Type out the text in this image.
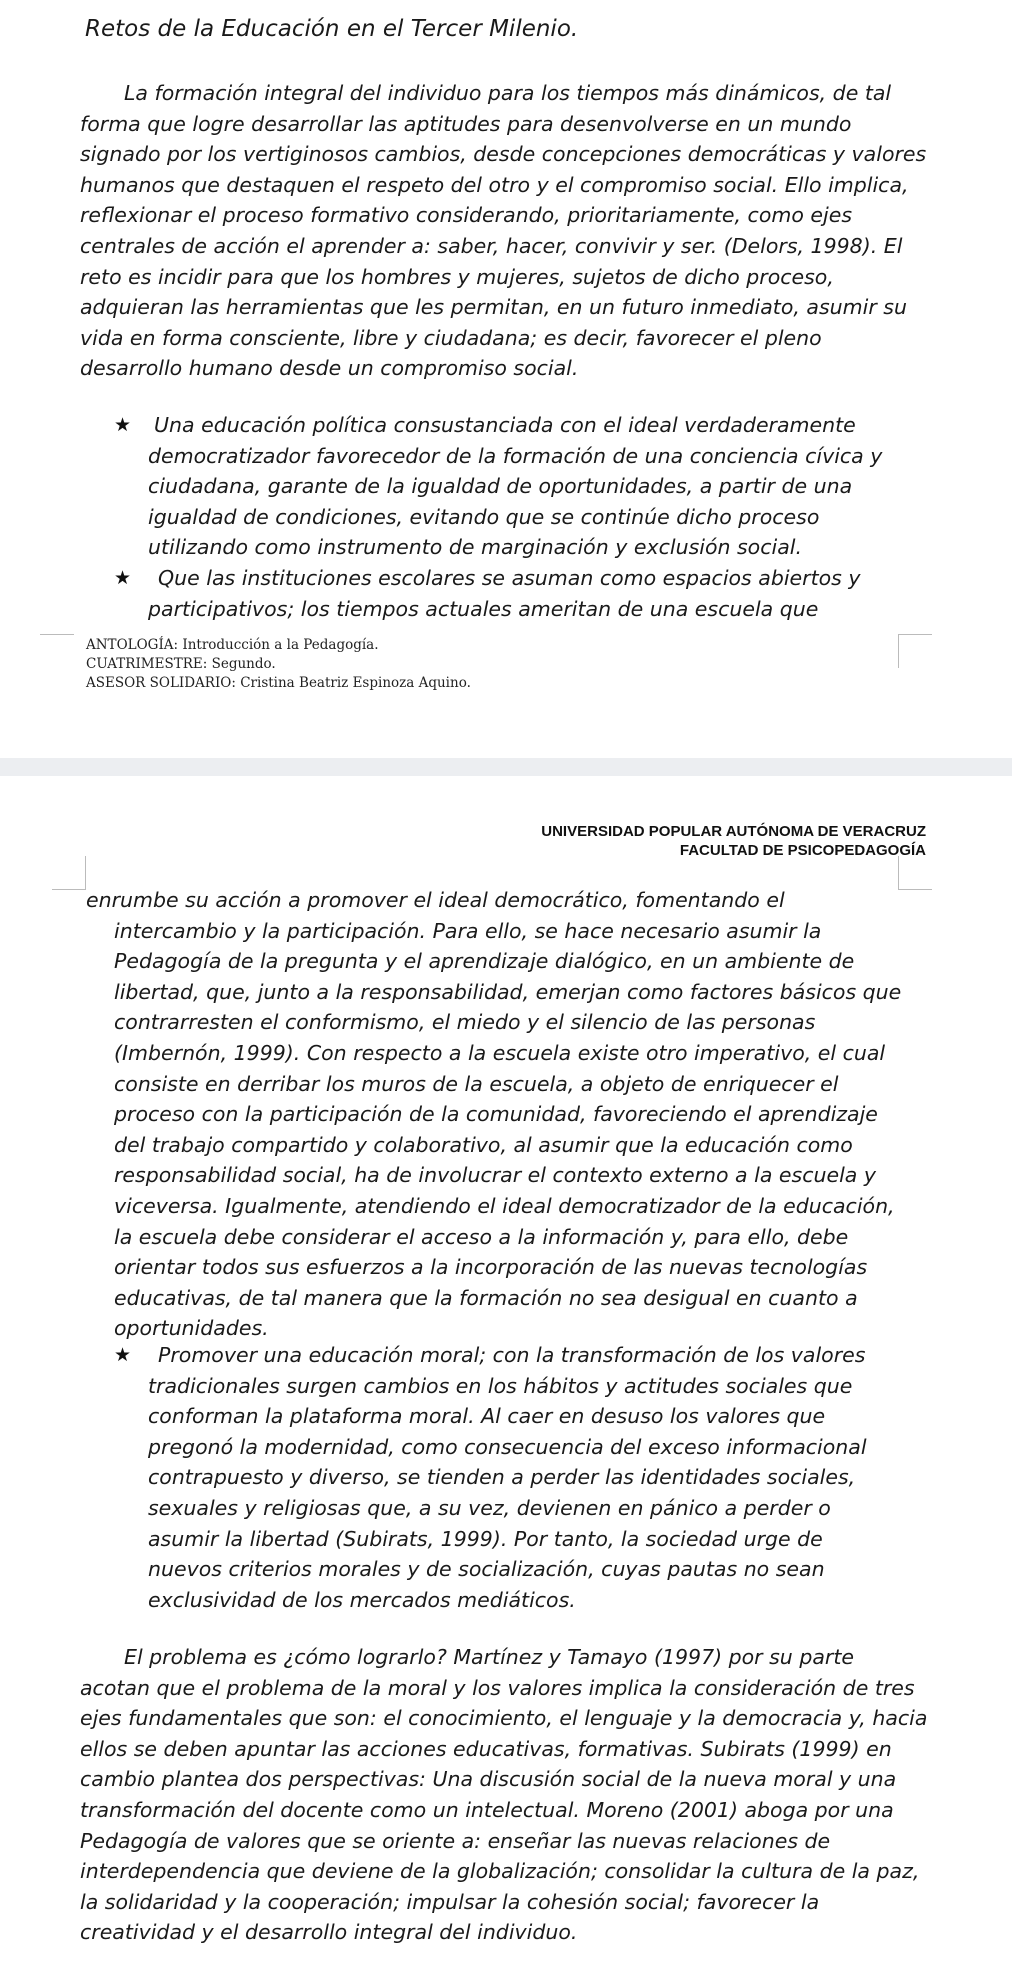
Retos de la Educación en el Tercer Milenio.

La formación integral del individuo para los tiempos más dinámicos, de tal forma que logre desarrollar las aptitudes para desenvolverse en un mundo signado por los vertiginosos cambios, desde concepciones democráticas y valores humanos que destaquen el respeto del otro y el compromiso social. Ello implica, reflexionar el proceso formativo considerando, prioritariamente, como ejes centrales de acción el aprender a: saber, hacer, convivir y ser. (Delors, 1998). El reto es incidir para que los hombres y mujeres, sujetos de dicho proceso, adquieran las herramientas que les permitan, en un futuro inmediato, asumir su vida en forma consciente, libre y ciudadana; es decir, favorecer el pleno desarrollo humano desde un compromiso social.

★ Una educación política consustanciada con el ideal verdaderamente democratizador favorecedor de la formación de una conciencia cívica y ciudadana, garante de la igualdad de oportunidades, a partir de una igualdad de condiciones, evitando que se continúe dicho proceso utilizando como instrumento de marginación y exclusión social.
★	Que las instituciones escolares se asuman como espacios abiertos y participativos; los tiempos actuales ameritan de una escuela que
ANTOLOGÍA: Introducción a la Pedagogía.
CUATRIMESTRE: Segundo.
ASESOR SOLIDARIO: Cristina Beatriz Espinoza Aquino.
UNIVERSIDAD POPULAR AUTÓNOMA DE VERACRUZ
FACULTAD DE PSICOPEDAGOGÍA
enrumbe su acción a promover el ideal democrático, fomentando el intercambio y la participación. Para ello, se hace necesario asumir la Pedagogía de la pregunta y el aprendizaje dialógico, en un ambiente de libertad, que, junto a la responsabilidad, emerjan como factores básicos que contrarresten el conformismo, el miedo y el silencio de las personas (Imbernón, 1999). Con respecto a la escuela existe otro imperativo, el cual consiste en derribar los muros de la escuela, a objeto de enriquecer el proceso con la participación de la comunidad, favoreciendo el aprendizaje del trabajo compartido y colaborativo, al asumir que la educación como responsabilidad social, ha de involucrar el contexto externo a la escuela y viceversa. Igualmente, atendiendo el ideal democratizador de la educación, la escuela debe considerar el acceso a la información y, para ello, debe orientar todos sus esfuerzos a la incorporación de las nuevas tecnologías educativas, de tal manera que la formación no sea desigual en cuanto a oportunidades.
★	Promover una educación moral; con la transformación de los valores tradicionales surgen cambios en los hábitos y actitudes sociales que conforman la plataforma moral. Al caer en desuso los valores que pregonó la modernidad, como consecuencia del exceso informacional contrapuesto y diverso, se tienden a perder las identidades sociales, sexuales y religiosas que, a su vez, devienen en pánico a perder o asumir la libertad (Subirats, 1999). Por tanto, la sociedad urge de nuevos criterios morales y de socialización, cuyas pautas no sean exclusividad de los mercados mediáticos.

El problema es ¿cómo lograrlo? Martínez y Tamayo (1997) por su parte acotan que el problema de la moral y los valores implica la consideración de tres ejes fundamentales que son: el conocimiento, el lenguaje y la democracia y, hacia ellos se deben apuntar las acciones educativas, formativas. Subirats (1999) en cambio plantea dos perspectivas: Una discusión social de la nueva moral y una transformación del docente como un intelectual. Moreno (2001) aboga por una Pedagogía de valores que se oriente a: enseñar las nuevas relaciones de interdependencia que deviene de la globalización; consolidar la cultura de la paz, la solidaridad y la cooperación; impulsar la cohesión social; favorecer la creatividad y el desarrollo integral del individuo.
